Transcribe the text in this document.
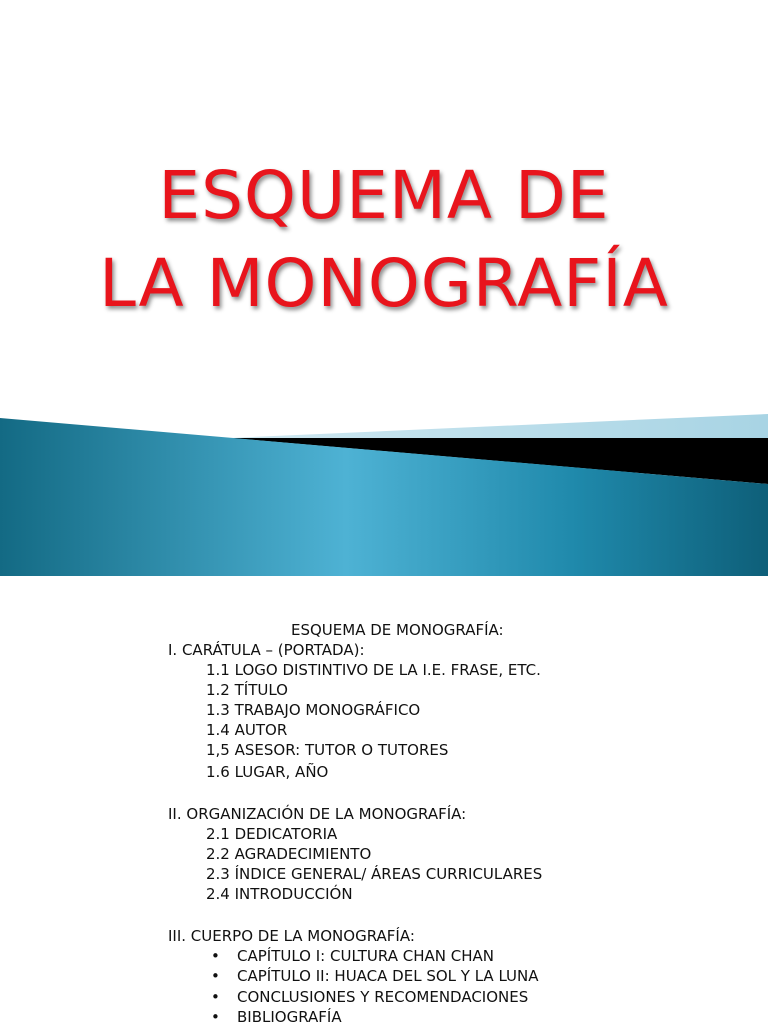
ESQUEMA DE
LA MONOGRAFÍA
ESQUEMA DE MONOGRAFÍA:
I. CARÁTULA – (PORTADA):
1.1 LOGO DISTINTIVO DE LA I.E. FRASE, ETC.
1.2 TÍTULO
1.3 TRABAJO MONOGRÁFICO
1.4 AUTOR
1,5 ASESOR: TUTOR O TUTORES
1.6 LUGAR, AÑO
II. ORGANIZACIÓN DE LA MONOGRAFÍA:
2.1 DEDICATORIA
2.2 AGRADECIMIENTO
2.3 ÍNDICE GENERAL/ ÁREAS CURRICULARES
2.4 INTRODUCCIÓN
III. CUERPO DE LA MONOGRAFÍA:
• CAPÍTULO I: CULTURA CHAN CHAN
• CAPÍTULO II: HUACA DEL SOL Y LA LUNA
• CONCLUSIONES Y RECOMENDACIONES
• BIBLIOGRAFÍA
